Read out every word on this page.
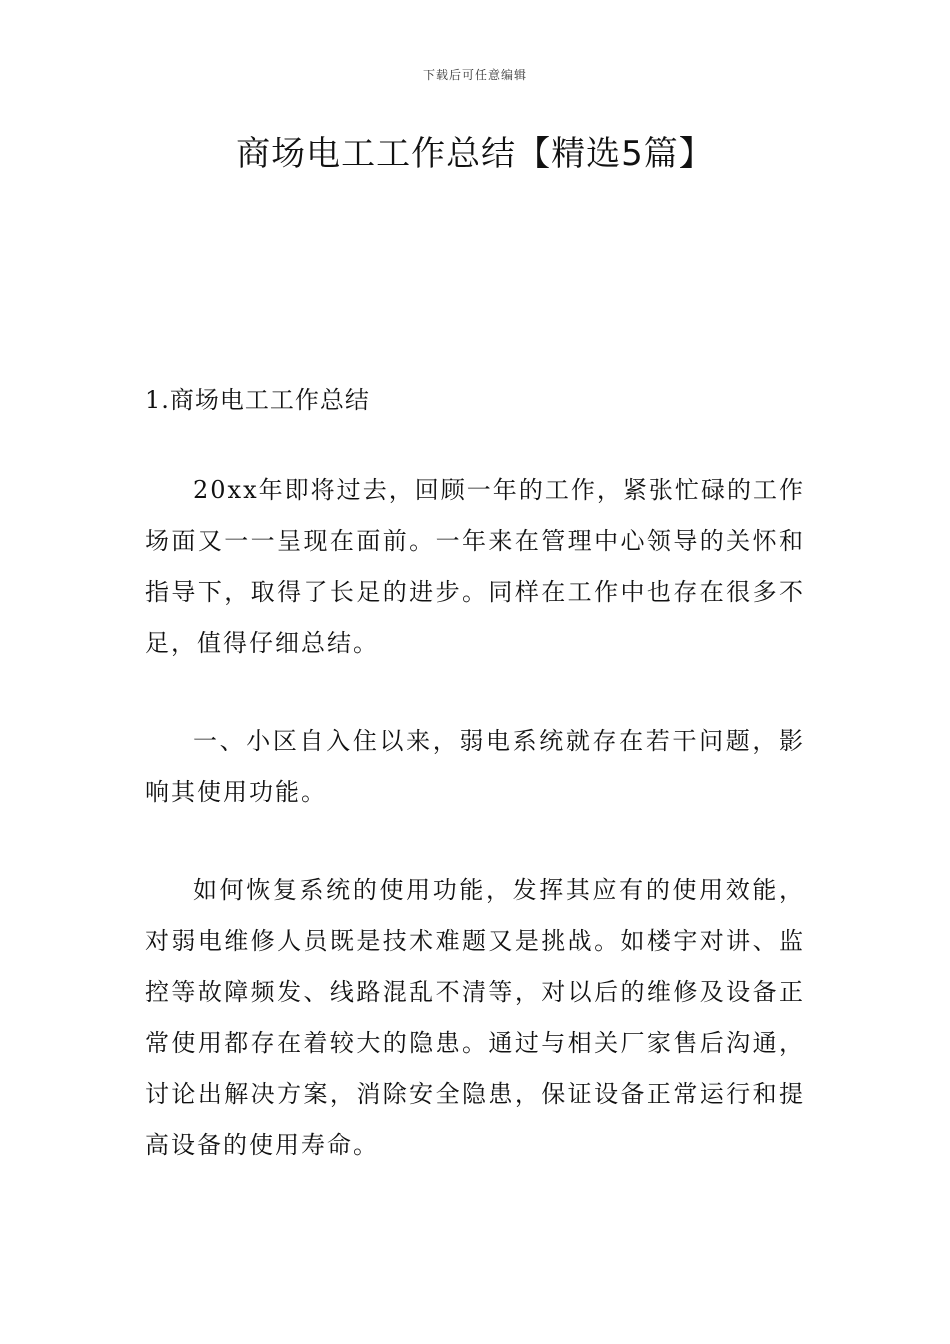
下载后可任意编辑
商场电工工作总结【精选5篇】
1.商场电工工作总结

20xx年即将过去，回顾一年的工作，紧张忙碌的工作场面又一一呈现在面前。一年来在管理中心领导的关怀和指导下，取得了长足的进步。同样在工作中也存在很多不足，值得仔细总结。

一、小区自入住以来，弱电系统就存在若干问题，影响其使用功能。

如何恢复系统的使用功能，发挥其应有的使用效能，对弱电维修人员既是技术难题又是挑战。如楼宇对讲、监控等故障频发、线路混乱不清等，对以后的维修及设备正常使用都存在着较大的隐患。通过与相关厂家售后沟通，讨论出解决方案，消除安全隐患，保证设备正常运行和提高设备的使用寿命。
